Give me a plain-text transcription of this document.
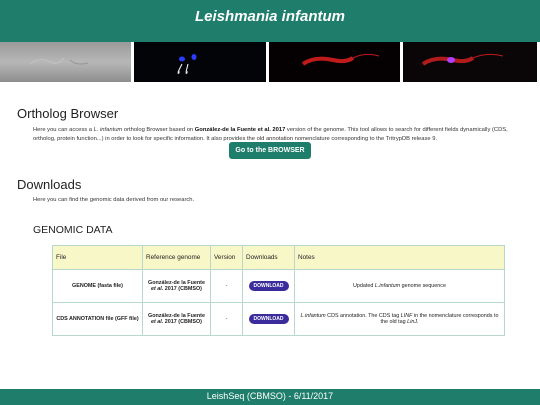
Leishmania infantum
Ortholog Browser
Here you can access a L. infantum ortholog Browser based on González-de la Fuente et al. 2017 version of the genome. This tool allows to search for different fields dynamically (CDS, ortholog, protein function...) in order to look for specific information. It also provides the old annotation nomenclature corresponding to the TritrypDB release 9.
Go to the BROWSER
Downloads
Here you can find the genomic data derived from our research.
GENOMIC DATA
File	Reference genome	Version	Downloads	Notes
GENOME (fasta file)	González-de la Fuente et al. 2017 (CBMSO)	-	DOWNLOAD	Updated L.infantum genome sequence
CDS ANNOTATION file (GFF file)	González-de la Fuente et al. 2017 (CBMSO)	-	DOWNLOAD	L.infantum CDS annotation. The CDS tag LINF in the nomenclature corresponds to the old tag LinJ.
LeishSeq (CBMSO) - 6/11/2017
